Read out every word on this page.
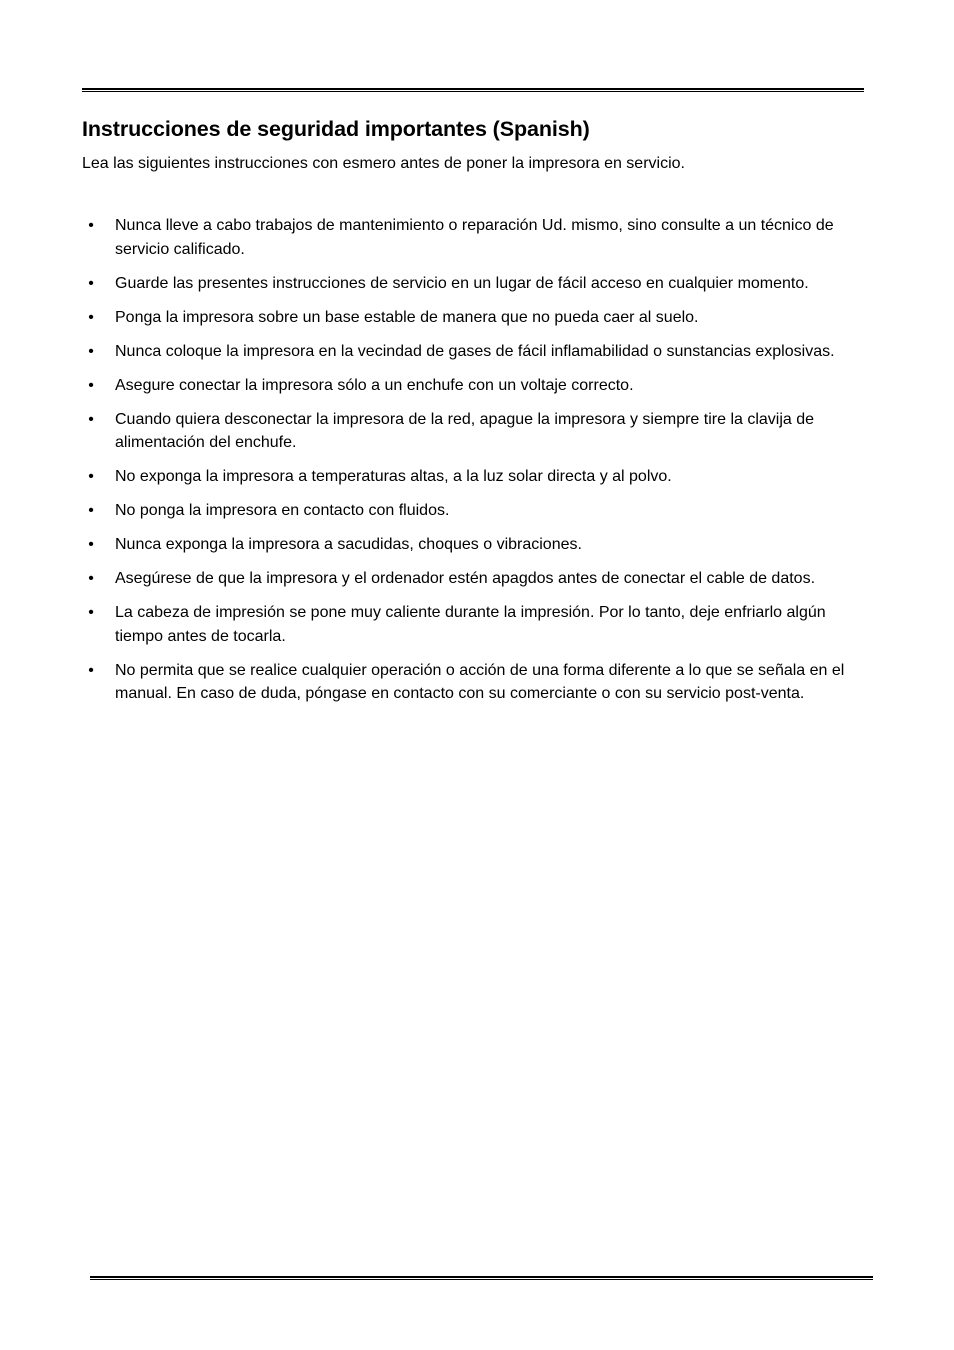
Instrucciones de seguridad importantes (Spanish)

Lea las siguientes instrucciones con esmero antes de poner la impresora en servicio.

• Nunca lleve a cabo trabajos de mantenimiento o reparación Ud. mismo, sino consulte a un técnico de servicio calificado.
• Guarde las presentes instrucciones de servicio en un lugar de fácil acceso en cualquier momento.
• Ponga la impresora sobre un base estable de manera que no pueda caer al suelo.
• Nunca coloque la impresora en la vecindad de gases de fácil inflamabilidad o sunstancias explosivas.
• Asegure conectar la impresora sólo a un enchufe con un voltaje correcto.
• Cuando quiera desconectar la impresora de la red, apague la impresora y siempre tire la clavija de alimentación del enchufe.
• No exponga la impresora a temperaturas altas, a la luz solar directa y al polvo.
• No ponga la impresora en contacto con fluidos.
• Nunca exponga la impresora a sacudidas, choques o vibraciones.
• Asegúrese de que la impresora y el ordenador estén apagdos antes de conectar el cable de datos.
• La cabeza de impresión se pone muy caliente durante la impresión. Por lo tanto, deje enfriarlo algún tiempo antes de tocarla.
• No permita que se realice cualquier operación o acción de una forma diferente a lo que se señala en el manual. En caso de duda, póngase en contacto con su comerciante o con su servicio post-venta.
